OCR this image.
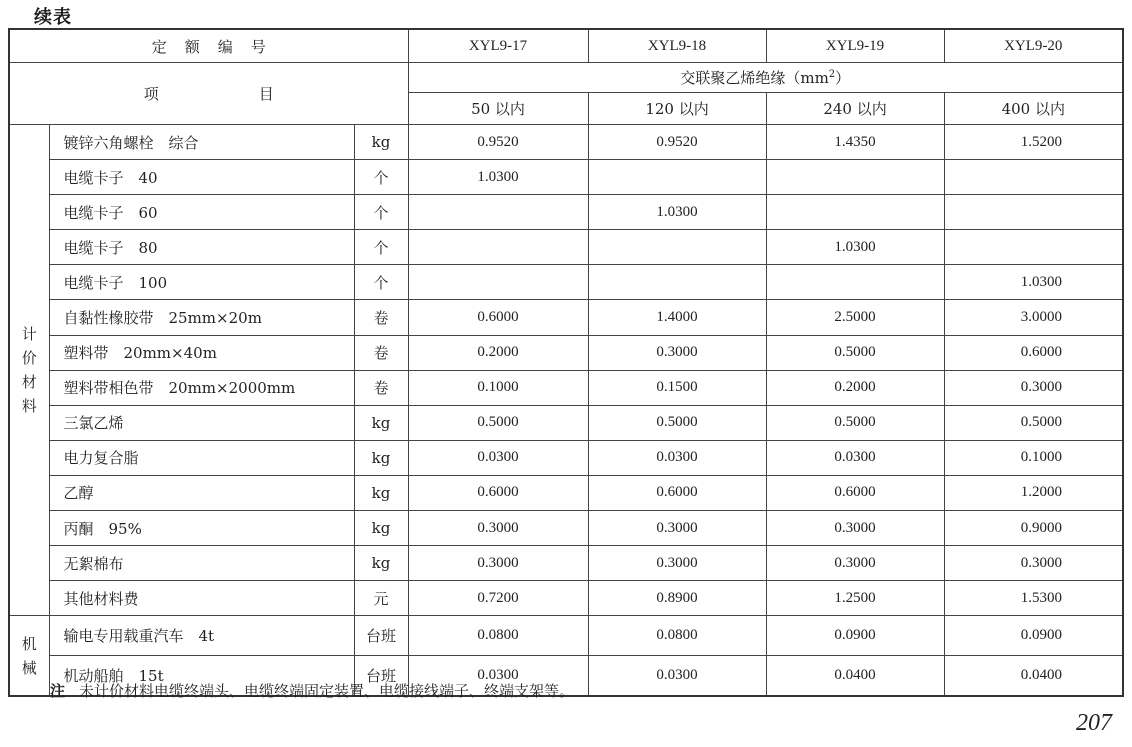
续表
定额编号			XYL9-17	XYL9-18	XYL9-19	XYL9-20
项 目			交联聚乙烯绝缘$(mm^2)$			
			50 以内	120 以内	240 以内	400 以内

计
价
材
料	镀锌六角螺栓　综合	kg	0.9520	0.9520	1.4350	1.5200
	电缆卡子　40	个	1.0300			
	电缆卡子　60	个		1.0300		
	电缆卡子　80	个			1.0300	
	电缆卡子　100	个				1.0300
	自黏性橡胶带　25mm×20m	卷	0.6000	1.4000	2.5000	3.0000
	塑料带　20mm×40m	卷	0.2000	0.3000	0.5000	0.6000
	塑料带相色带　20mm×2000mm	卷	0.1000	0.1500	0.2000	0.3000
	三氯乙烯	kg	0.5000	0.5000	0.5000	0.5000
	电力复合脂	kg	0.0300	0.0300	0.0300	0.1000
	乙醇	kg	0.6000	0.6000	0.6000	1.2000
	丙酮　95%	kg	0.3000	0.3000	0.3000	0.9000
	无絮棉布	kg	0.3000	0.3000	0.3000	0.3000
	其他材料费	元	0.7200	0.8900	1.2500	1.5300

机
械	输电专用载重汽车　4t	台班	0.0800	0.0800	0.0900	0.0900
	机动船舶　15t	台班	0.0300	0.0300	0.0400	0.0400
注 未计价材料电缆终端头、电缆终端固定装置、电缆接线端子、终端支架等。
207
